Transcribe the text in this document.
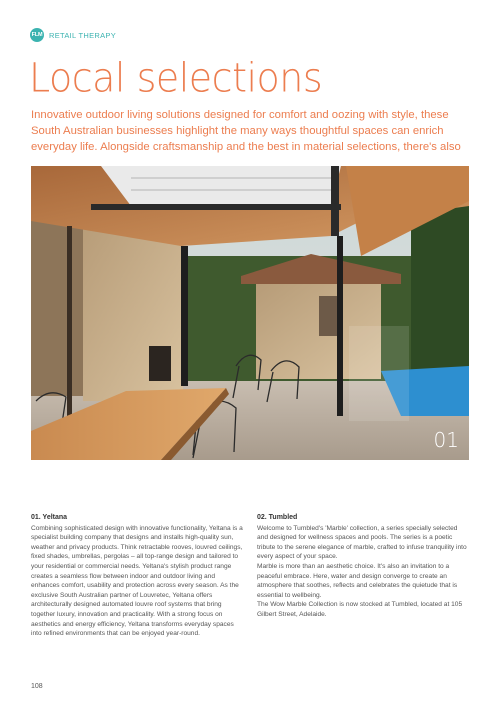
FLM RETAIL THERAPY
Local selections

Innovative outdoor living solutions designed for comfort and oozing with style, these South Australian businesses highlight the many ways thoughtful spaces can enrich everyday life. Alongside craftsmanship and the best in material selections, there's also

01
01. Yeltana

Combining sophisticated design with innovative functionality, Yeltana is a specialist building company that designs and installs high-quality sun, weather and privacy products. Think retractable rooves, louvred ceilings, fixed shades, umbrellas, pergolas – all top-range design and tailored to your residential or commercial needs. Yeltana's stylish product range creates a seamless flow between indoor and outdoor living and enhances comfort, usability and protection across every season. As the exclusive South Australian partner of Louvretec, Yeltana offers architecturally designed automated louvre roof systems that bring together luxury, innovation and practicality. With a strong focus on aesthetics and energy efficiency, Yeltana transforms everyday spaces into refined environments that can be enjoyed year-round.

02. Tumbled

Welcome to Tumbled's 'Marble' collection, a series specially selected and designed for wellness spaces and pools. The series is a poetic tribute to the serene elegance of marble, crafted to infuse tranquility into every aspect of your space.

Marble is more than an aesthetic choice. It's also an invitation to a peaceful embrace. Here, water and design converge to create an atmosphere that soothes, reflects and celebrates the quietude that is essential to wellbeing.

The Wow Marble Collection is now stocked at Tumbled, located at 105 Gilbert Street, Adelaide.

108
